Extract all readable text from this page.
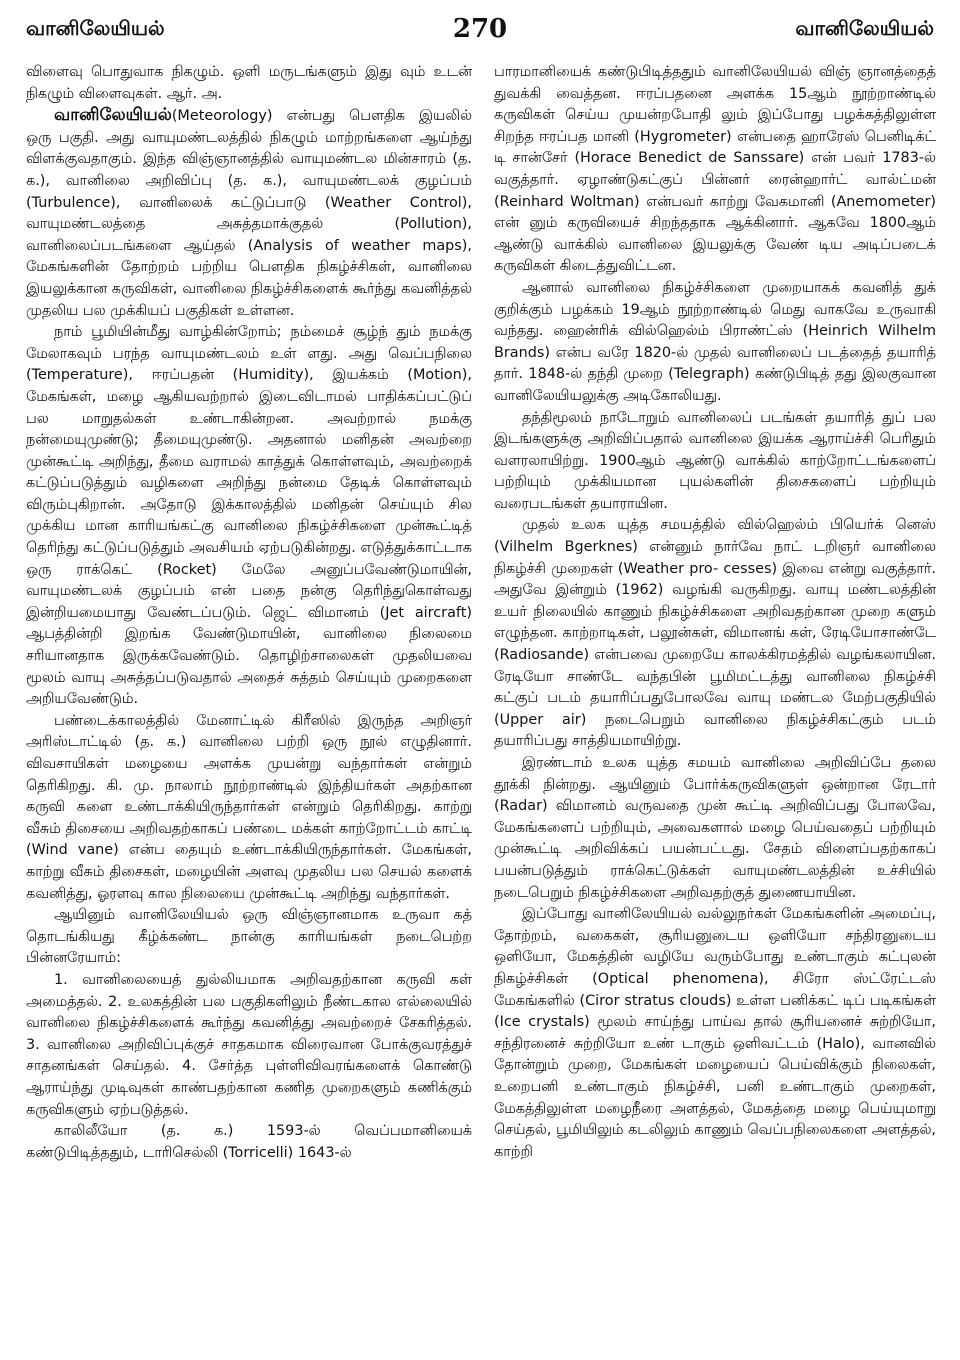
வானிலேயியல்	270	வானிலேயியல்

விளைவு பொதுவாக நிகழும். ஒளி மருடங்களும் இது வும் உடன் நிகழும் விளைவுகள். ஆர். அ.

வானிலேயியல்(Meteorology) என்பது பௌதிக இயலில் ஒரு பகுதி. அது வாயுமண்டலத்தில் நிகழும் மாற்றங்களை ஆய்ந்து விளக்குவதாகும். இந்த விஞ்ஞானத்தில் வாயுமண்டல மின்சாரம் (த. க.), வானிலை அறிவிப்பு (த. க.), வாயுமண்டலக் குழப்பம் (Turbulence), வானிலைக் கட்டுப்பாடு (Weather Control), வாயுமண்டலத்தை அசுத்தமாக்குதல் (Pollution), வானிலைப்படங்களை ஆய்தல் (Analysis of weather maps), மேகங்களின் தோற்றம் பற்றிய பௌதிக நிகழ்ச்சிகள், வானிலை இயலுக்கான கருவிகள், வானிலை நிகழ்ச்சிகளைக் கூர்ந்து கவனித்தல் முதலிய பல முக்கியப் பகுதிகள் உள்ளன.

நாம் பூமியின்மீது வாழ்கின்றோம்; நம்மைச் சூழ்ந் தும் நமக்கு மேலாகவும் பரந்த வாயுமண்டலம் உள் ளது. அது வெப்பநிலை (Temperature), ஈரப்பதன் (Humidity), இயக்கம் (Motion), மேகங்கள், மழை ஆகியவற்றால் இடைவிடாமல் பாதிக்கப்பட்டுப் பல மாறுதல்கள் உண்டாகின்றன. அவற்றால் நமக்கு நன்மையுமுண்டு; தீமையுமுண்டு. அதனால் மனிதன் அவற்றை முன்கூட்டி அறிந்து, தீமை வராமல் காத்துக் கொள்ளவும், அவற்றைக் கட்டுப்படுத்தும் வழிகளை அறிந்து நன்மை தேடிக் கொள்ளவும் விரும்புகிறான். அதோடு இக்காலத்தில் மனிதன் செய்யும் சில முக்கிய மான காரியங்கட்கு வானிலை நிகழ்ச்சிகளை முன்கூட்டித் தெரிந்து கட்டுப்படுத்தும் அவசியம் ஏற்படுகின்றது. எடுத்துக்காட்டாக ஒரு ராக்கெட் (Rocket) மேலே அனுப்பவேண்டுமாயின், வாயுமண்டலக் குழப்பம் என் பதை நன்கு தெரிந்துகொள்வது இன்றியமையாது வேண்டப்படும். ஜெட் விமானம் (Jet aircraft) ஆபத்தின்றி இறங்க வேண்டுமாயின், வானிலை நிலைமை சரியானதாக இருக்கவேண்டும். தொழிற்சாலைகள் முதலியவை மூலம் வாயு அசுத்தப்படுவதால் அதைச் சுத்தம் செய்யும் முறைகளை அறியவேண்டும்.

பண்டைக்காலத்தில் மேனாட்டில் கிரீஸில் இருந்த அறிஞர் அரிஸ்டாட்டில் (த. க.) வானிலை பற்றி ஒரு நூல் எழுதினார். விவசாயிகள் மழையை அளக்க முயன்று வந்தார்கள் என்றும் தெரிகிறது. கி. மு. நாலாம் நூற்றாண்டில் இந்தியர்கள் அதற்கான கருவி களை உண்டாக்கியிருந்தார்கள் என்றும் தெரிகிறது. காற்று வீசும் திசையை அறிவதற்காகப் பண்டை மக்கள் காற்றோட்டம் காட்டி (Wind vane) என்ப தையும் உண்டாக்கியிருந்தார்கள். மேகங்கள், காற்று வீசும் திசைகள், மழையின் அளவு முதலிய பல செயல் களைக் கவனித்து, ஓரளவு கால நிலையை முன்கூட்டி அறிந்து வந்தார்கள்.

ஆயினும் வானிலேயியல் ஒரு விஞ்ஞானமாக உருவா கத் தொடங்கியது கீழ்க்கண்ட நான்கு காரியங்கள் நடைபெற்ற பின்னரேயாம்:

1. வானிலையைத் துல்லியமாக அறிவதற்கான கருவி கள் அமைத்தல். 2. உலகத்தின் பல பகுதிகளிலும் நீண்டகால எல்லையில் வானிலை நிகழ்ச்சிகளைக் கூர்ந்து கவனித்து அவற்றைச் சேகரித்தல். 3. வானிலை அறிவிப்புக்குச் சாதகமாக விரைவான போக்குவரத்துச் சாதனங்கள் செய்தல். 4. சேர்த்த புள்ளிவிவரங்களைக் கொண்டு ஆராய்ந்து முடிவுகள் காண்பதற்கான கணித முறைகளும் கணிக்கும் கருவிகளும் ஏற்படுத்தல்.

காலிலீயோ (த. க.) 1593-ல் வெப்பமானியைக் கண்டுபிடித்ததும், டாரிசெல்லி (Torricelli) 1643-ல்

பாரமானியைக் கண்டுபிடித்ததும் வானிலேயியல் விஞ் ஞானத்தைத் துவக்கி வைத்தன. ஈரப்பதனை அளக்க 15ஆம் நூற்றாண்டில் கருவிகள் செய்ய முயன்றபோதி லும் இப்போது பழக்கத்திலுள்ள சிறந்த ஈரப்பத மானி (Hygrometer) என்பதை ஹாரேஸ் பெனிடிக்ட் டி சான்சேர் (Horace Benedict de Sanssare) என் பவர் 1783-ல் வகுத்தார். ஏழாண்டுகட்குப் பின்னர் ரைன்ஹார்ட் வால்ட்மன் (Reinhard Woltman) என்பவர் காற்று வேகமானி (Anemometer) என் னும் கருவியைச் சிறந்ததாக ஆக்கினார். ஆகவே 1800ஆம் ஆண்டு வாக்கில் வானிலை இயலுக்கு வேண் டிய அடிப்படைக் கருவிகள் கிடைத்துவிட்டன.

ஆனால் வானிலை நிகழ்ச்சிகளை முறையாகக் கவனித் துக் குறிக்கும் பழக்கம் 19ஆம் நூற்றாண்டில் மெது வாகவே உருவாகி வந்தது. ஹைன்ரிக் வில்ஹெல்ம் பிராண்ட்ஸ் (Heinrich Wilhelm Brands) என்ப வரே 1820-ல் முதல் வானிலைப் படத்தைத் தயாரித் தார். 1848-ல் தந்தி முறை (Telegraph) கண்டுபிடித் தது இலகுவான வானிலேயியலுக்கு அடிகோலியது.

தந்திமூலம் நாடோறும் வானிலைப் படங்கள் தயாரித் துப் பல இடங்களுக்கு அறிவிப்பதால் வானிலை இயக்க ஆராய்ச்சி பெரிதும் வளரலாயிற்று. 1900ஆம் ஆண்டு வாக்கில் காற்றோட்டங்களைப் பற்றியும் முக்கியமான புயல்களின் திசைகளைப் பற்றியும் வரைபடங்கள் தயாராயின.

முதல் உலக யுத்த சமயத்தில் வில்ஹெல்ம் பியெர்க் னெஸ் (Vilhelm Bgerknes) என்னும் நார்வே நாட் டறிஞர் வானிலை நிகழ்ச்சி முறைகள் (Weather pro- cesses) இவை என்று வகுத்தார். அதுவே இன்றும் (1962) வழங்கி வருகிறது. வாயு மண்டலத்தின் உயர் நிலையில் காணும் நிகழ்ச்சிகளை அறிவதற்கான முறை களும் எழுந்தன. காற்றாடிகள், பலூன்கள், விமானங் கள், ரேடியோசாண்டே (Radiosande) என்பவை முறையே காலக்கிரமத்தில் வழங்கலாயின. ரேடியோ சாண்டே வந்தபின் பூமிமட்டத்து வானிலை நிகழ்ச்சி கட்குப் படம் தயாரிப்பதுபோலவே வாயு மண்டல மேற்பகுதியில் (Upper air) நடைபெறும் வானிலை நிகழ்ச்சிகட்கும் படம் தயாரிப்பது சாத்தியமாயிற்று.

இரண்டாம் உலக யுத்த சமயம் வானிலை அறிவிப்பே தலை தூக்கி நின்றது. ஆயினும் போர்க்கருவிகளுள் ஒன்றான ரேடார் (Radar) விமானம் வருவதை முன் கூட்டி அறிவிப்பது போலவே, மேகங்களைப் பற்றியும், அவைகளால் மழை பெய்வதைப் பற்றியும் முன்கூட்டி அறிவிக்கப் பயன்பட்டது. சேதம் விளைப்பதற்காகப் பயன்படுத்தும் ராக்கெட்டுக்கள் வாயுமண்டலத்தின் உச்சியில் நடைபெறும் நிகழ்ச்சிகளை அறிவதற்குத் துணையாயின.

இப்போது வானிலேயியல் வல்லுநர்கள் மேகங்களின் அமைப்பு, தோற்றம், வகைகள், சூரியனுடைய ஒளியோ சந்திரனுடைய ஒளியோ, மேகத்தின் வழியே வரும்போது உண்டாகும் கட்புலன் நிகழ்ச்சிகள் (Optical phenomena), சிரோ ஸ்ட்ரேட்டஸ் மேகங்களில் (Ciror stratus clouds) உள்ள பனிக்கட் டிப் படிகங்கள் (Ice crystals) மூலம் சாய்ந்து பாய்வ தால் சூரியனைச் சுற்றியோ, சந்திரனைச் சுற்றியோ உண் டாகும் ஒளிவட்டம் (Halo), வானவில் தோன்றும் முறை, மேகங்கள் மழையைப் பெய்விக்கும் நிலைகள், உறைபனி உண்டாகும் நிகழ்ச்சி, பனி உண்டாகும் முறைகள், மேகத்திலுள்ள மழைநீரை அளத்தல், மேகத்தை மழை பெய்யுமாறு செய்தல், பூமியிலும் கடலிலும் காணும் வெப்பநிலைகளை அளத்தல், காற்றி
